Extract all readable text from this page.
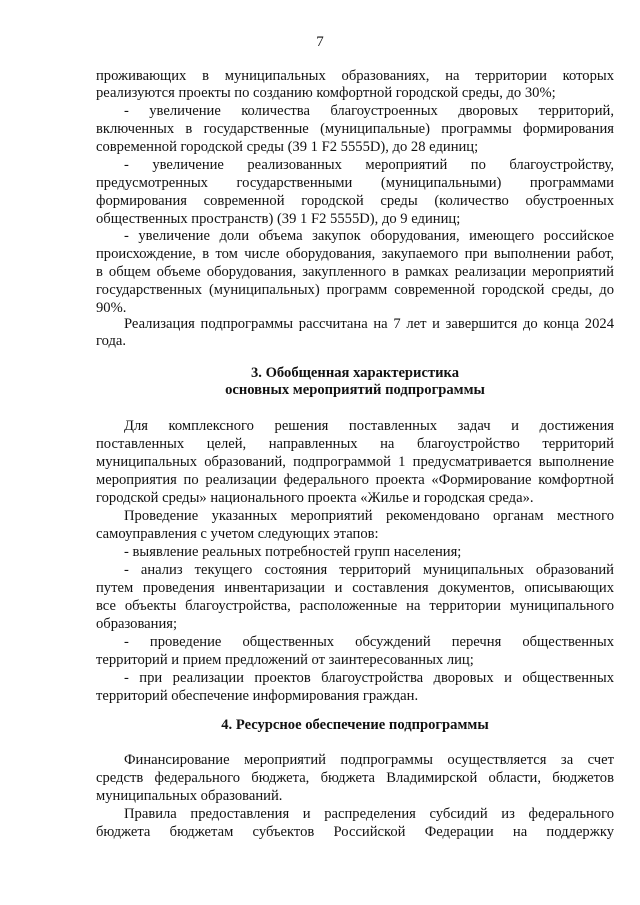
7
проживающих в муниципальных образованиях, на территории которых
реализуются проекты по созданию комфортной городской среды, до 30%;
- увеличение количества благоустроенных дворовых территорий,
включенных в государственные (муниципальные) программы формирования
современной городской среды (39 1 F2 5555D), до 28 единиц;
- увеличение реализованных мероприятий по благоустройству,
предусмотренных государственными (муниципальными) программами
формирования современной городской среды (количество обустроенных
общественных пространств) (39 1 F2 5555D), до 9 единиц;
- увеличение доли объема закупок оборудования, имеющего российское
происхождение, в том числе оборудования, закупаемого при выполнении работ,
в общем объеме оборудования, закупленного в рамках реализации мероприятий
государственных (муниципальных) программ современной городской среды, до
90%.
Реализация подпрограммы рассчитана на 7 лет и завершится до конца 2024
года.
3. Обобщенная характеристика
основных мероприятий подпрограммы
Для комплексного решения поставленных задач и достижения
поставленных целей, направленных на благоустройство территорий
муниципальных образований, подпрограммой 1 предусматривается выполнение
мероприятия по реализации федерального проекта «Формирование комфортной
городской среды» национального проекта «Жилье и городская среда».
Проведение указанных мероприятий рекомендовано органам местного
самоуправления с учетом следующих этапов:
- выявление реальных потребностей групп населения;
- анализ текущего состояния территорий муниципальных образований
путем проведения инвентаризации и составления документов, описывающих
все объекты благоустройства, расположенные на территории муниципального
образования;
- проведение общественных обсуждений перечня общественных
территорий и прием предложений от заинтересованных лиц;
- при реализации проектов благоустройства дворовых и общественных
территорий обеспечение информирования граждан.
4. Ресурсное обеспечение подпрограммы
Финансирование мероприятий подпрограммы осуществляется за счет
средств федерального бюджета, бюджета Владимирской области, бюджетов
муниципальных образований.
Правила предоставления и распределения субсидий из федерального
бюджета бюджетам субъектов Российской Федерации на поддержку
